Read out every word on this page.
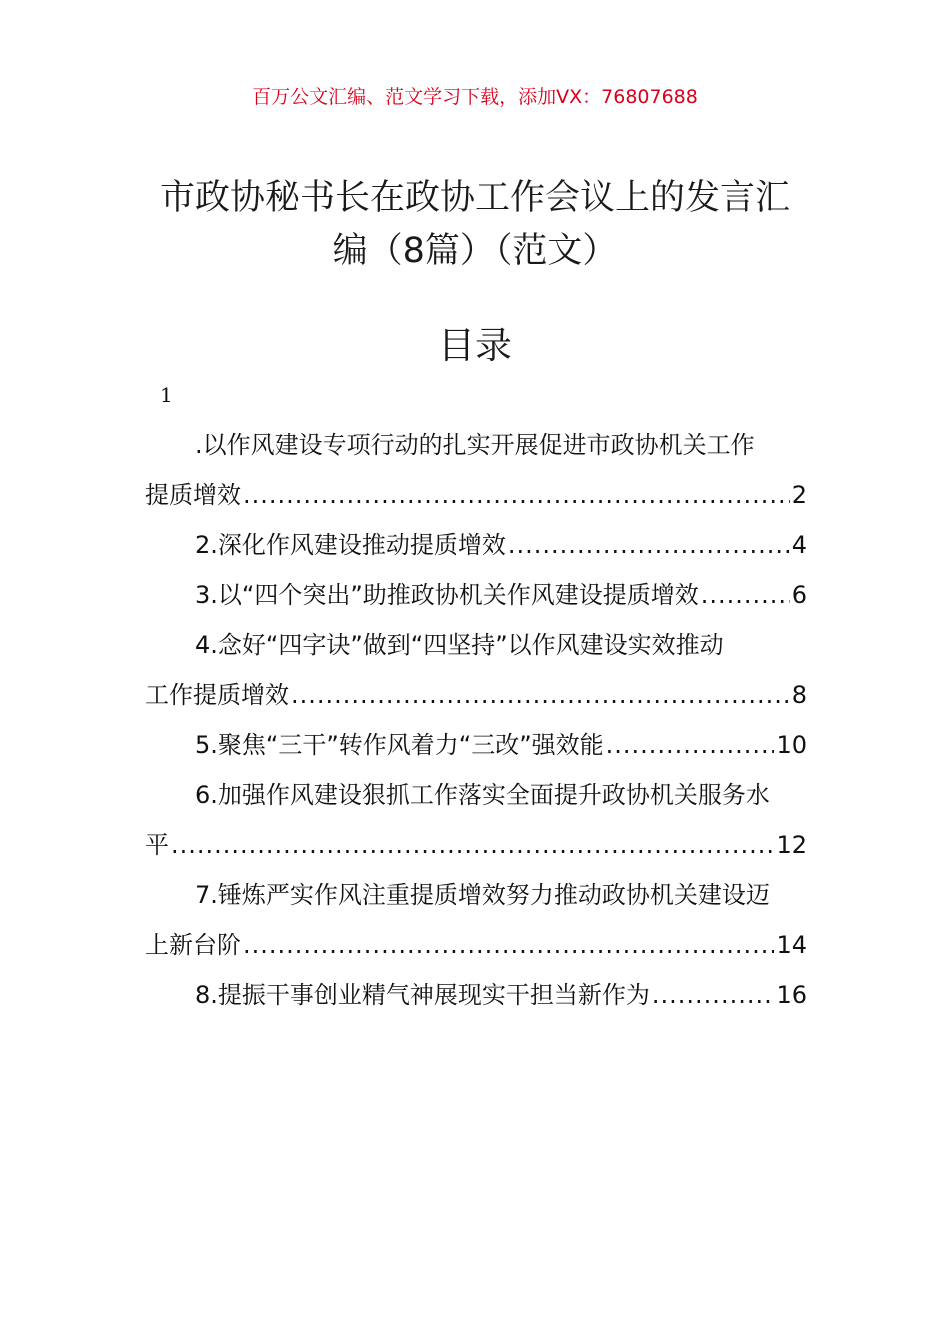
百万公文汇编、范文学习下载，添加VX：76807688
市政协秘书长在政协工作会议上的发言汇
编（8篇）（范文）
目录
1
.以作风建设专项行动的扎实开展促进市政协机关工作
提质增效 .....	2
2.深化作风建设推动提质增效 .....	4
3.以“四个突出”助推政协机关作风建设提质增效 .....	6
4.念好“四字诀”做到“四坚持”以作风建设实效推动
工作提质增效 .....	8
5.聚焦“三干”转作风着力“三改”强效能 .....	10
6.加强作风建设狠抓工作落实全面提升政协机关服务水
平 .....	12
7.锤炼严实作风注重提质增效努力推动政协机关建设迈
上新台阶 .....	14
8.提振干事创业精气神展现实干担当新作为 .....	16
